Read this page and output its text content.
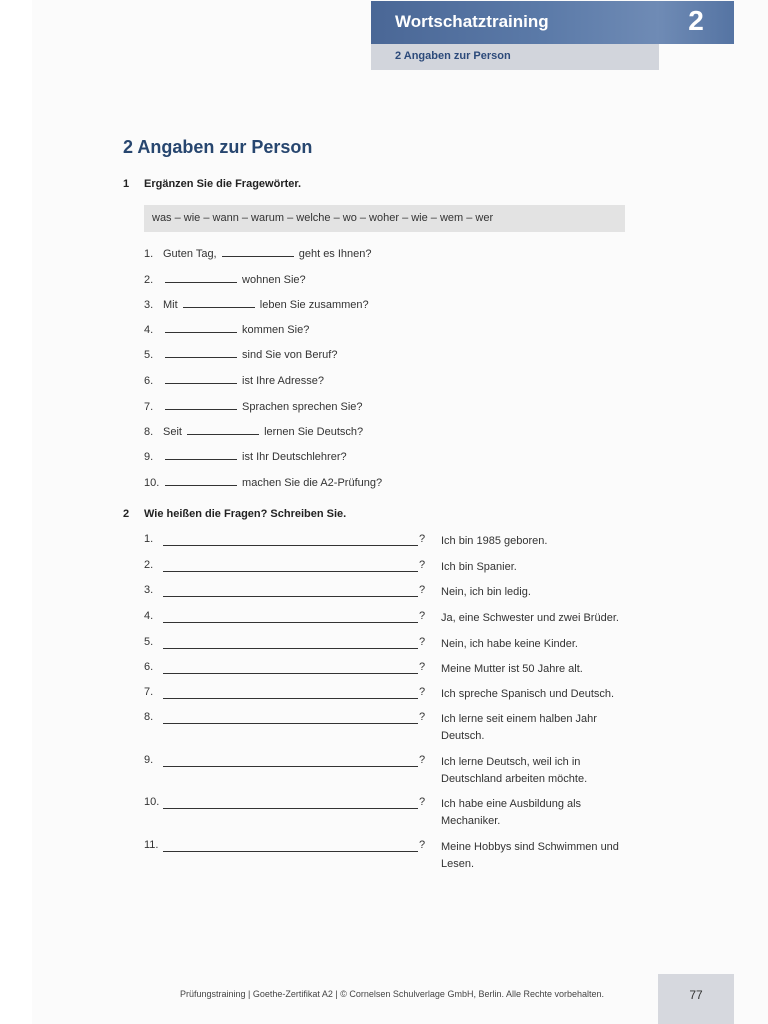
Wortschatztraining	2
2 Angaben zur Person
2 Angaben zur Person
1 Ergänzen Sie die Fragewörter.
was – wie – wann – warum – welche – wo – woher – wie – wem – wer
1. Guten Tag,	geht es Ihnen?
2.	wohnen Sie?
3. Mit	leben Sie zusammen?
4.	kommen Sie?
5.	sind Sie von Beruf?
6.	ist Ihre Adresse?
7.	Sprachen sprechen Sie?
8. Seit	lernen Sie Deutsch?
9.	ist Ihr Deutschlehrer?
10.	machen Sie die A2-Prüfung?
2 Wie heißen die Fragen? Schreiben Sie.
1.	? Ich bin 1985 geboren.
2.	? Ich bin Spanier.
3.	? Nein, ich bin ledig.
4.	? Ja, eine Schwester und zwei Brüder.
5.	? Nein, ich habe keine Kinder.
6.	? Meine Mutter ist 50 Jahre alt.
7.	? Ich spreche Spanisch und Deutsch.
8.	? Ich lerne seit einem halben Jahr Deutsch.
9.	? Ich lerne Deutsch, weil ich in Deutschland arbeiten möchte.
10.	? Ich habe eine Ausbildung als Mechaniker.
11.	? Meine Hobbys sind Schwimmen und Lesen.
Prüfungstraining | Goethe-Zertifikat A2 | © Cornelsen Schulverlage GmbH, Berlin. Alle Rechte vorbehalten.	77
